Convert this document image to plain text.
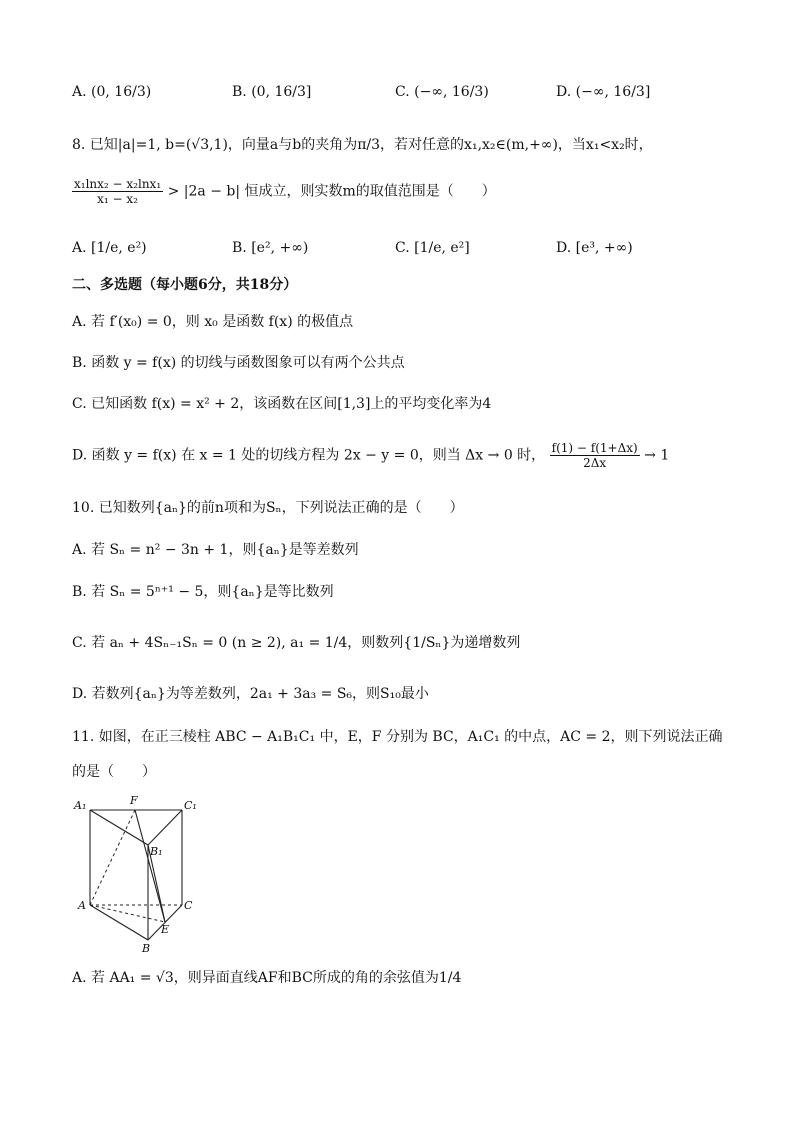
A. (0, 16/3)	B. (0, 16/3]	C. (−∞, 16/3)	D. (−∞, 16/3]
8. 已知|a|=1, b=(√3,1)，向量a与b的夹角为π/3，若对任意的x₁,x₂∈(m,+∞)，当x₁<x₂时，
$\frac{\text{x₁lnx₂ − x₂lnx₁}}{\text{x₁ − x₂}} > |2a - b|$ 恒成立，则实数m的取值范围是（　　）
A. [1/e, e²)	B. [e², +∞)	C. [1/e, e²]	D. [e³, +∞)
二、多选题（每小题6分，共18分）
A. 若 f′(x₀) = 0，则 x₀ 是函数 f(x) 的极值点
B. 函数 y = f(x) 的切线与函数图象可以有两个公共点
C. 已知函数 f(x) = x² + 2，该函数在区间[1,3]上的平均变化率为4
D. 函数 y = f(x) 在 x = 1 处的切线方程为 2x − y = 0，则当 Δx → 0 时， $\frac{f(1) - f(1+\Delta x)}{2\Delta x} \to 1$
10. 已知数列{aₙ}的前n项和为Sₙ，下列说法正确的是（　　）
A. 若 Sₙ = n² − 3n + 1，则{aₙ}是等差数列
B. 若 Sₙ = 5ⁿ⁺¹ − 5，则{aₙ}是等比数列
C. 若 aₙ + 4Sₙ₋₁Sₙ = 0 (n ≥ 2), a₁ = 1/4，则数列{1/Sₙ}为递增数列
D. 若数列{aₙ}为等差数列，2a₁ + 3a₃ = S₆，则S₁₀最小
11. 如图，在正三棱柱 ABC − A₁B₁C₁ 中，E，F 分别为 BC，A₁C₁ 的中点，AC = 2，则下列说法正确
的是（　　）
A₁	F	C₁
B₁
A	C
E
B
A. 若 AA₁ = √3，则异面直线AF和BC所成的角的余弦值为1/4
